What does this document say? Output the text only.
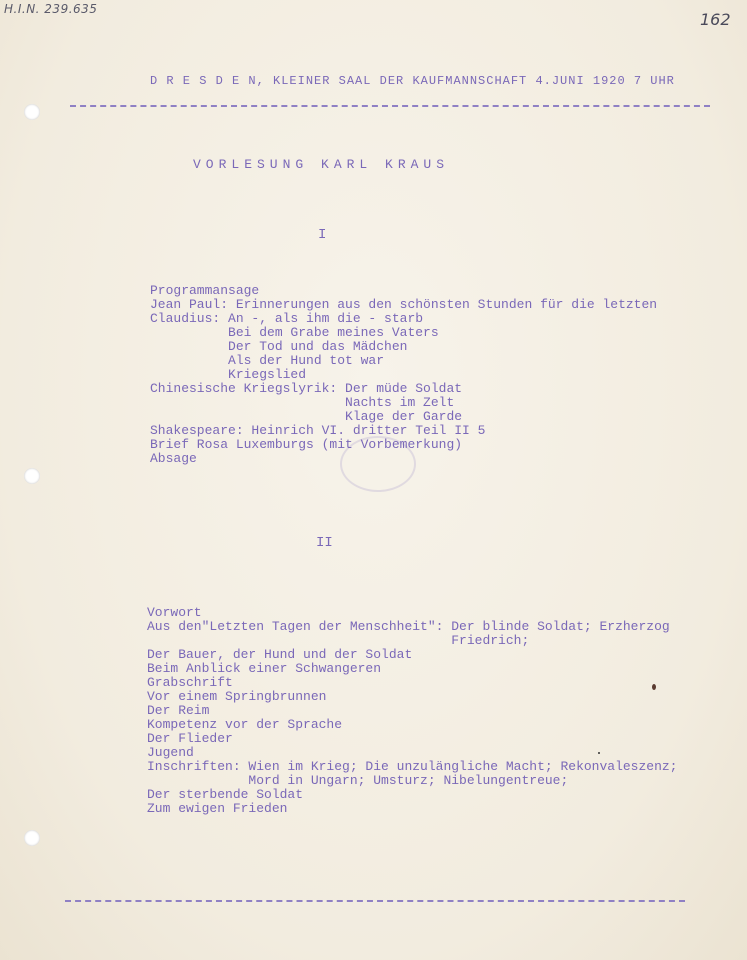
H.I.N. 239.635
162
D R E S D E N, KLEINER SAAL DER KAUFMANNSCHAFT 4.JUNI 1920 7 UHR
VORLESUNG KARL KRAUS
I
Programmansage
Jean Paul: Erinnerungen aus den schönsten Stunden für die letzten
Claudius: An -, als ihm die - starb
Bei dem Grabe meines Vaters
Der Tod und das Mädchen
Als der Hund tot war
Kriegslied
Chinesische Kriegslyrik: Der müde Soldat
Nachts im Zelt
Klage der Garde
Shakespeare: Heinrich VI. dritter Teil II 5
Brief Rosa Luxemburgs (mit Vorbemerkung)
Absage
II
Vorwort
Aus den"Letzten Tagen der Menschheit": Der blinde Soldat; Erzherzog
Friedrich;
Der Bauer, der Hund und der Soldat
Beim Anblick einer Schwangeren
Grabschrift
Vor einem Springbrunnen
Der Reim
Kompetenz vor der Sprache
Der Flieder
Jugend
Inschriften: Wien im Krieg; Die unzulängliche Macht; Rekonvaleszenz;
Mord in Ungarn; Umsturz; Nibelungentreue;
Der sterbende Soldat
Zum ewigen Frieden
